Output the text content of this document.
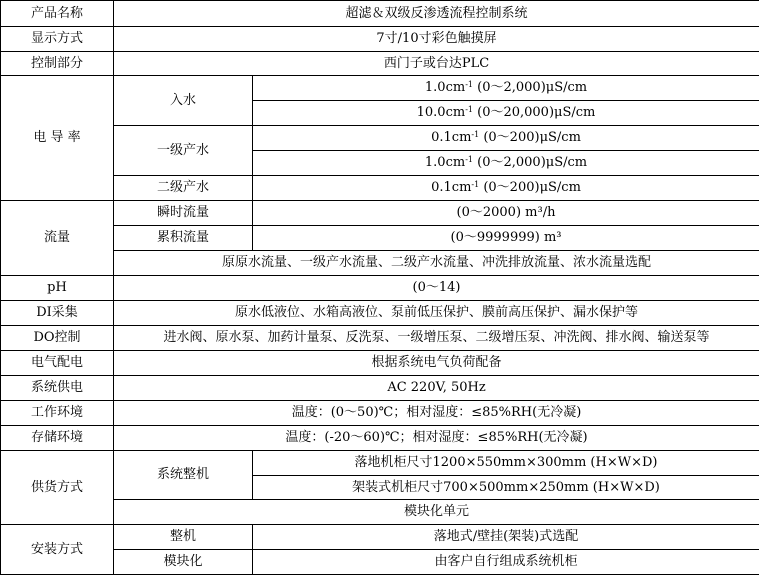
产品名称	超滤＆双级反渗透流程控制系统	
显示方式	7寸/10寸彩色触摸屏	
控制部分	西门子或台达PLC	
电 导 率	入水	$1.0cm^{-1}$ (0～2,000)μS/cm
		$10.0cm^{-1}$ (0～20,000)μS/cm
	一级产水	$0.1cm^{-1}$ (0～200)μS/cm
		$1.0cm^{-1}$ (0～2,000)μS/cm
	二级产水	$0.1cm^{-1}$ (0～200)μS/cm
流量	瞬时流量	(0～2000) m³/h
	累积流量	(0～9999999) m³
	原原水流量、一级产水流量、二级产水流量、冲洗排放流量、浓水流量选配	
pH	(0～14)	
DI采集	原水低液位、水箱高液位、泵前低压保护、膜前高压保护、漏水保护等	
DO控制	进水阀、原水泵、加药计量泵、反洗泵、一级增压泵、二级增压泵、冲洗阀、排水阀、输送泵等	
电气配电	根据系统电气负荷配备	
系统供电	AC 220V, 50Hz	
工作环境	温度：(0～50)℃；相对湿度：≤85%RH(无冷凝)	
存储环境	温度：(-20～60)℃；相对湿度：≤85%RH(无冷凝)	
供货方式	系统整机	落地机柜尺寸1200×550mm×300mm (H×W×D)
		架装式机柜尺寸700×500mm×250mm (H×W×D)
	模块化单元	
安装方式	整机	落地式/壁挂(架装)式选配
	模块化	由客户自行组成系统机柜
